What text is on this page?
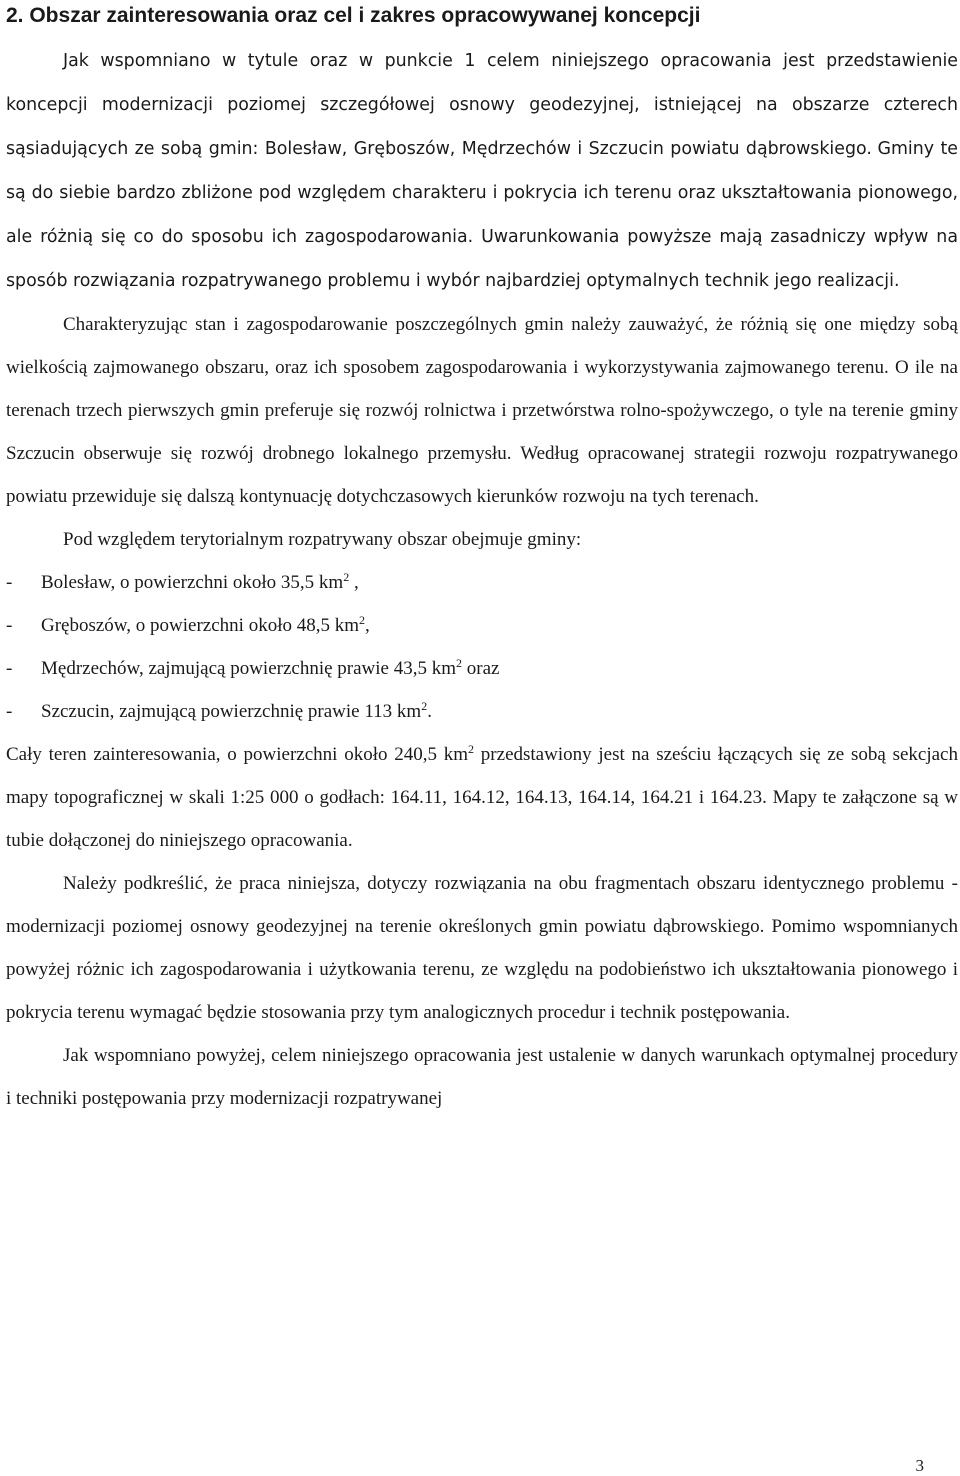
2. Obszar zainteresowania oraz cel i zakres opracowywanej koncepcji

Jak wspomniano w tytule oraz w punkcie 1 celem niniejszego opracowania jest przedstawienie koncepcji modernizacji poziomej szczegółowej osnowy geodezyjnej, istniejącej na obszarze czterech sąsiadujących ze sobą gmin: Bolesław, Gręboszów, Mędrzechów i Szczucin powiatu dąbrowskiego. Gminy te są do siebie bardzo zbliżone pod względem charakteru i pokrycia ich terenu oraz ukształtowania pionowego, ale różnią się co do sposobu ich zagospodarowania. Uwarunkowania powyższe mają zasadniczy wpływ na sposób rozwiązania rozpatrywanego problemu i wybór najbardziej optymalnych technik jego realizacji.

Charakteryzując stan i zagospodarowanie poszczególnych gmin należy zauważyć, że różnią się one między sobą wielkością zajmowanego obszaru, oraz ich sposobem zagospodarowania i wykorzystywania zajmowanego terenu. O ile na terenach trzech pierwszych gmin preferuje się rozwój rolnictwa i przetwórstwa rolno-spożywczego, o tyle na terenie gminy Szczucin obserwuje się rozwój drobnego lokalnego przemysłu. Według opracowanej strategii rozwoju rozpatrywanego powiatu przewiduje się dalszą kontynuację dotychczasowych kierunków rozwoju na tych terenach.

Pod względem terytorialnym rozpatrywany obszar obejmuje gminy:

- Bolesław, o powierzchni około 35,5 $km^2$ ,
- Gręboszów, o powierzchni około 48,5 $km^2$,
- Mędrzechów, zajmującą powierzchnię prawie 43,5 $km^2$ oraz
- Szczucin, zajmującą powierzchnię prawie 113 $km^2$.

Cały teren zainteresowania, o powierzchni około 240,5 $km^2$ przedstawiony jest na sześciu łączących się ze sobą sekcjach mapy topograficznej w skali 1:25 000 o godłach: 164.11, 164.12, 164.13, 164.14, 164.21 i 164.23. Mapy te załączone są w tubie dołączonej do niniejszego opracowania.

Należy podkreślić, że praca niniejsza, dotyczy rozwiązania na obu fragmentach obszaru identycznego problemu - modernizacji poziomej osnowy geodezyjnej na terenie określonych gmin powiatu dąbrowskiego. Pomimo wspomnianych powyżej różnic ich zagospodarowania i użytkowania terenu, ze względu na podobieństwo ich ukształtowania pionowego i pokrycia terenu wymagać będzie stosowania przy tym analogicznych procedur i technik postępowania.

Jak wspomniano powyżej, celem niniejszego opracowania jest ustalenie w danych warunkach optymalnej procedury i techniki postępowania przy modernizacji rozpatrywanej

3
